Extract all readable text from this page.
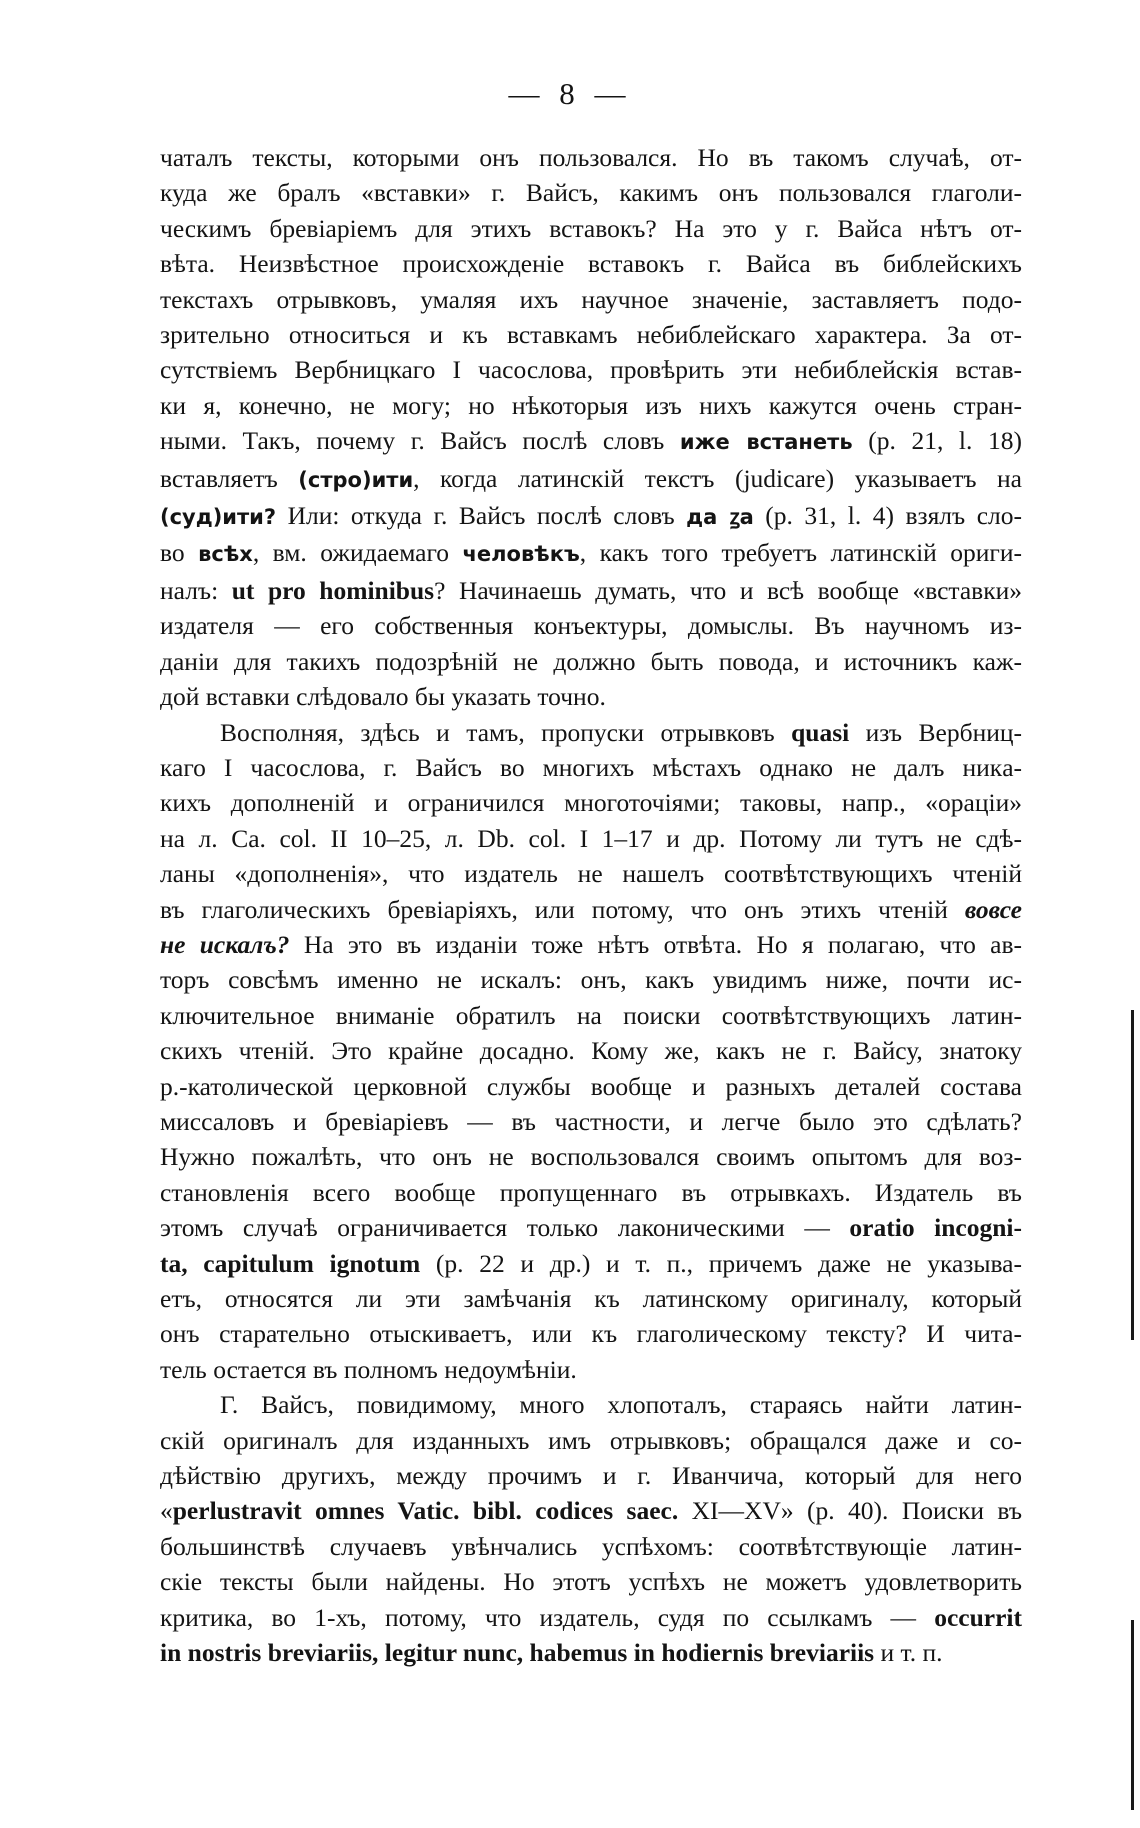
— 8 —
чаталъ тексты, которыми онъ пользовался. Но въ такомъ случаѣ, от-
куда же бралъ «вставки» г. Вайсъ, какимъ онъ пользовался глаголи-
ческимъ бревіаріемъ для этихъ вставокъ? На это у г. Вайса нѣтъ от-
вѣта. Неизвѣстное происхожденіе вставокъ г. Вайса въ библейскихъ
текстахъ отрывковъ, умаляя ихъ научное значеніе, заставляетъ подо-
зрительно относиться и къ вставкамъ небиблейскаго характера. За от-
сутствіемъ Вербницкаго I часослова, провѣрить эти небиблейскія встав-
ки я, конечно, не могу; но нѣкоторыя изъ нихъ кажутся очень стран-
ными. Такъ, почему г. Вайсъ послѣ словъ иже встанеть (р. 21, l. 18)
вставляетъ (стро)ити, когда латинскій текстъ (judicare) указываетъ на
(суд)ити? Или: откуда г. Вайсъ послѣ словъ да ꙁа (р. 31, l. 4) взялъ сло-
во всѣх, вм. ожидаемаго человѣкъ, какъ того требуетъ латинскій ориги-
налъ: ut pro hominibus? Начинаешь думать, что и всѣ вообще «вставки»
издателя — его собственныя конъектуры, домыслы. Въ научномъ из-
даніи для такихъ подозрѣній не должно быть повода, и источникъ каж-
дой вставки слѣдовало бы указать точно.
Восполняя, здѣсь и тамъ, пропуски отрывковъ quasi изъ Вербниц-
каго I часослова, г. Вайсъ во многихъ мѣстахъ однако не далъ никa-
кихъ дополненій и ограничился многоточіями; таковы, напр., «ораціи»
на л. Ca. col. II 10–25, л. Db. col. I 1–17 и др. Потому ли тутъ не сдѣ-
ланы «дополненія», что издатель не нашелъ соотвѣтствующихъ чтеній
въ глаголическихъ бревіаріяхъ, или потому, что онъ этихъ чтеній вовсе
не искалъ? На это въ изданіи тоже нѣтъ отвѣта. Но я полагаю, что ав-
торъ совсѣмъ именно не искалъ: онъ, какъ увидимъ ниже, почти ис-
ключительное вниманіе обратилъ на поиски соотвѣтствующихъ латин-
скихъ чтеній. Это крайне досадно. Кому же, какъ не г. Вайсу, знатоку
р.-католической церковной службы вообще и разныхъ деталей состава
миссаловъ и бревіаріевъ — въ частности, и легче было это сдѣлать?
Нужно пожалѣть, что онъ не воспользовался своимъ опытомъ для воз-
становленія всего вообще пропущеннаго въ отрывкахъ. Издатель въ
этомъ случаѣ ограничивается только лаконическими — oratio incogni-
ta, capitulum ignotum (р. 22 и др.) и т. п., причемъ даже не указыва-
етъ, относятся ли эти замѣчанія къ латинскому оригиналу, который
онъ старательно отыскиваетъ, или къ глаголическому тексту? И чита-
тель остается въ полномъ недоумѣніи.
Г. Вайсъ, повидимому, много хлопоталъ, стараясь найти латин-
скій оригиналъ для изданныхъ имъ отрывковъ; обращался даже и со-
дѣйствію другихъ, между прочимъ и г. Иванчича, который для него
«perlustravit omnes Vatic. bibl. codices saec. XI—XV» (р. 40). Поиски въ
большинствѣ случаевъ увѣнчались успѣхомъ: соотвѣтствующіе латин-
скіе тексты были найдены. Но этотъ успѣхъ не можетъ удовлетворить
критика, во 1-хъ, потому, что издатель, судя по ссылкамъ — occurrit
in nostris breviariis, legitur nunc, habemus in hodiernis breviariis и т. п.
